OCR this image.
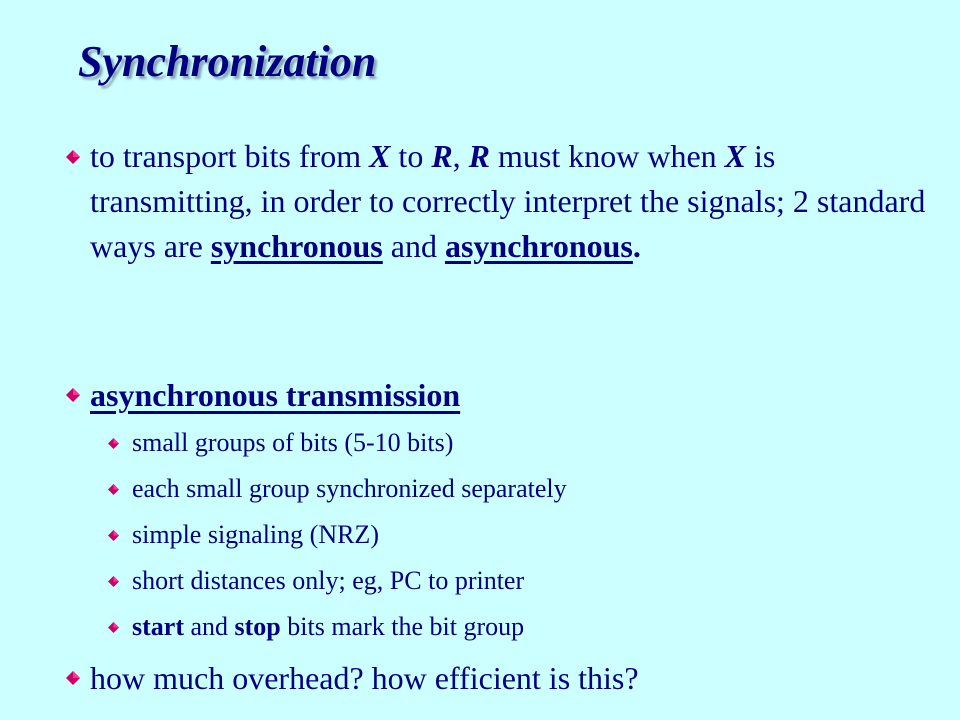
Synchronization

to transport bits from X to R, R must know when X is transmitting, in order to correctly interpret the signals; 2 standard ways are synchronous and asynchronous.

asynchronous transmission

small groups of bits (5-10 bits)

each small group synchronized separately

simple signaling (NRZ)

short distances only; eg, PC to printer

start and stop bits mark the bit group

how much overhead? how efficient is this?
